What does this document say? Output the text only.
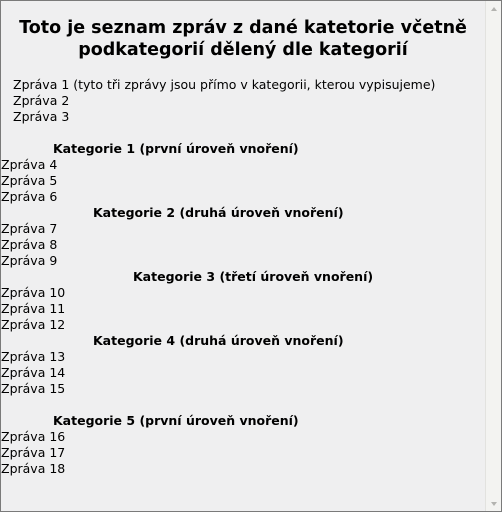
Toto je seznam zpráv z dané katetorie včetně podkategorií dělený dle kategorií
Zpráva 1 (tyto tři zprávy jsou přímo v kategorii, kterou vypisujeme)
Zpráva 2
Zpráva 3
Kategorie 1 (první úroveň vnoření)
Zpráva 4
Zpráva 5
Zpráva 6
Kategorie 2 (druhá úroveň vnoření)
Zpráva 7
Zpráva 8
Zpráva 9
Kategorie 3 (třetí úroveň vnoření)
Zpráva 10
Zpráva 11
Zpráva 12
Kategorie 4 (druhá úroveň vnoření)
Zpráva 13
Zpráva 14
Zpráva 15
Kategorie 5 (první úroveň vnoření)
Zpráva 16
Zpráva 17
Zpráva 18
